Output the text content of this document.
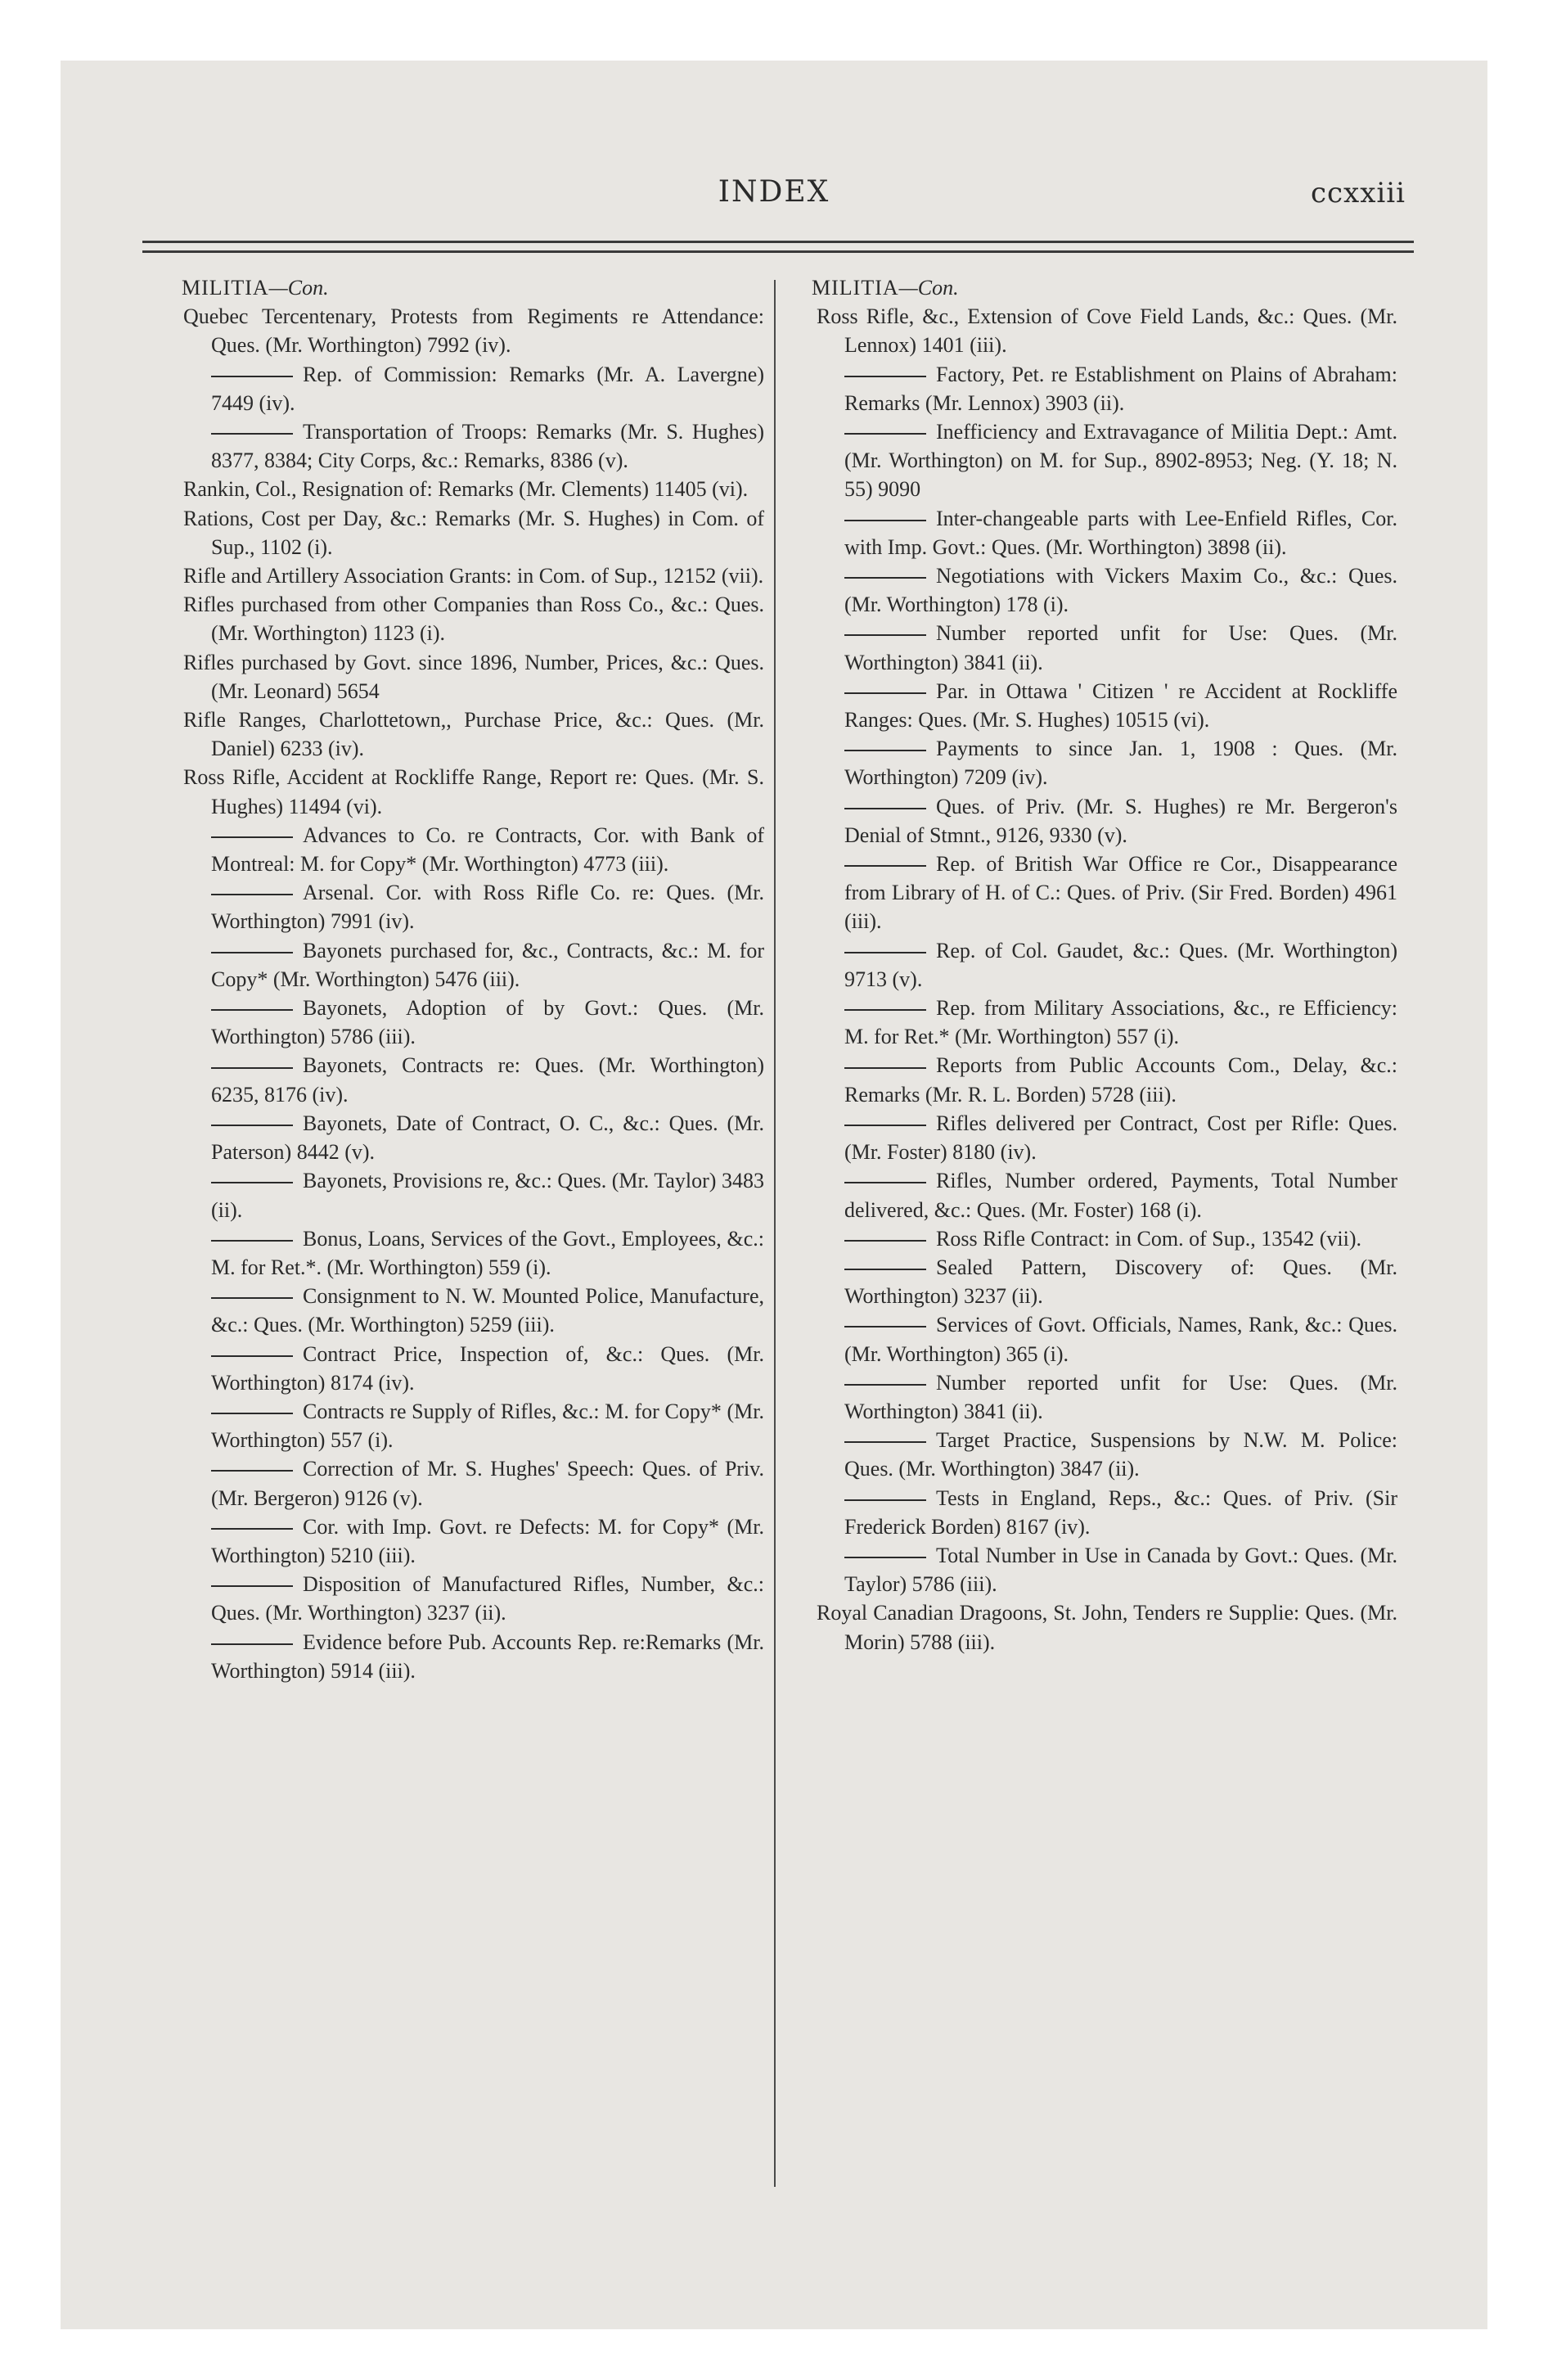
INDEX	ccxxiii
MILITIA—Con.
Quebec Tercentenary, Protests from Regiments re Attendance: Ques. (Mr. Worthington) 7992 (iv).
Rep. of Commission: Remarks (Mr. A. Lavergne) 7449 (iv).
Transportation of Troops: Remarks (Mr. S. Hughes) 8377, 8384; City Corps, &c.: Remarks, 8386 (v).
Rankin, Col., Resignation of: Remarks (Mr. Clements) 11405 (vi).
Rations, Cost per Day, &c.: Remarks (Mr. S. Hughes) in Com. of Sup., 1102 (i).
Rifle and Artillery Association Grants: in Com. of Sup., 12152 (vii).
Rifles purchased from other Companies than Ross Co., &c.: Ques. (Mr. Worthington) 1123 (i).
Rifles purchased by Govt. since 1896, Number, Prices, &c.: Ques. (Mr. Leonard) 5654
Rifle Ranges, Charlottetown,, Purchase Price, &c.: Ques. (Mr. Daniel) 6233 (iv).
Ross Rifle, Accident at Rockliffe Range, Report re: Ques. (Mr. S. Hughes) 11494 (vi).
Advances to Co. re Contracts, Cor. with Bank of Montreal: M. for Copy* (Mr. Worthington) 4773 (iii).
Arsenal. Cor. with Ross Rifle Co. re: Ques. (Mr. Worthington) 7991 (iv).
Bayonets purchased for, &c., Contracts, &c.: M. for Copy* (Mr. Worthington) 5476 (iii).
Bayonets, Adoption of by Govt.: Ques. (Mr. Worthington) 5786 (iii).
Bayonets, Contracts re: Ques. (Mr. Worthington) 6235, 8176 (iv).
Bayonets, Date of Contract, O. C., &c.: Ques. (Mr. Paterson) 8442 (v).
Bayonets, Provisions re, &c.: Ques. (Mr. Taylor) 3483 (ii).
Bonus, Loans, Services of the Govt., Employees, &c.: M. for Ret.*. (Mr. Worthington) 559 (i).
Consignment to N. W. Mounted Police, Manufacture, &c.: Ques. (Mr. Worthington) 5259 (iii).
Contract Price, Inspection of, &c.: Ques. (Mr. Worthington) 8174 (iv).
Contracts re Supply of Rifles, &c.: M. for Copy* (Mr. Worthington) 557 (i).
Correction of Mr. S. Hughes' Speech: Ques. of Priv. (Mr. Bergeron) 9126 (v).
Cor. with Imp. Govt. re Defects: M. for Copy* (Mr. Worthington) 5210 (iii).
Disposition of Manufactured Rifles, Number, &c.: Ques. (Mr. Worthington) 3237 (ii).
Evidence before Pub. Accounts Rep. re:Remarks (Mr. Worthington) 5914 (iii).
MILITIA—Con.
Ross Rifle, &c., Extension of Cove Field Lands, &c.: Ques. (Mr. Lennox) 1401 (iii).
Factory, Pet. re Establishment on Plains of Abraham: Remarks (Mr. Lennox) 3903 (ii).
Inefficiency and Extravagance of Militia Dept.: Amt. (Mr. Worthington) on M. for Sup., 8902-8953; Neg. (Y. 18; N. 55) 9090
Inter-changeable parts with Lee-Enfield Rifles, Cor. with Imp. Govt.: Ques. (Mr. Worthington) 3898 (ii).
Negotiations with Vickers Maxim Co., &c.: Ques. (Mr. Worthington) 178 (i).
Number reported unfit for Use: Ques. (Mr. Worthington) 3841 (ii).
Par. in Ottawa ' Citizen ' re Accident at Rockliffe Ranges: Ques. (Mr. S. Hughes) 10515 (vi).
Payments to since Jan. 1, 1908 : Ques. (Mr. Worthington) 7209 (iv).
Ques. of Priv. (Mr. S. Hughes) re Mr. Bergeron's Denial of Stmnt., 9126, 9330 (v).
Rep. of British War Office re Cor., Disappearance from Library of H. of C.: Ques. of Priv. (Sir Fred. Borden) 4961 (iii).
Rep. of Col. Gaudet, &c.: Ques. (Mr. Worthington) 9713 (v).
Rep. from Military Associations, &c., re Efficiency: M. for Ret.* (Mr. Worthington) 557 (i).
Reports from Public Accounts Com., Delay, &c.: Remarks (Mr. R. L. Borden) 5728 (iii).
Rifles delivered per Contract, Cost per Rifle: Ques. (Mr. Foster) 8180 (iv).
Rifles, Number ordered, Payments, Total Number delivered, &c.: Ques. (Mr. Foster) 168 (i).
Ross Rifle Contract: in Com. of Sup., 13542 (vii).
Sealed Pattern, Discovery of: Ques. (Mr. Worthington) 3237 (ii).
Services of Govt. Officials, Names, Rank, &c.: Ques. (Mr. Worthington) 365 (i).
Number reported unfit for Use: Ques. (Mr. Worthington) 3841 (ii).
Target Practice, Suspensions by N.W. M. Police: Ques. (Mr. Worthington) 3847 (ii).
Tests in England, Reps., &c.: Ques. of Priv. (Sir Frederick Borden) 8167 (iv).
Total Number in Use in Canada by Govt.: Ques. (Mr. Taylor) 5786 (iii).
Royal Canadian Dragoons, St. John, Tenders re Supplie: Ques. (Mr. Morin) 5788 (iii).
